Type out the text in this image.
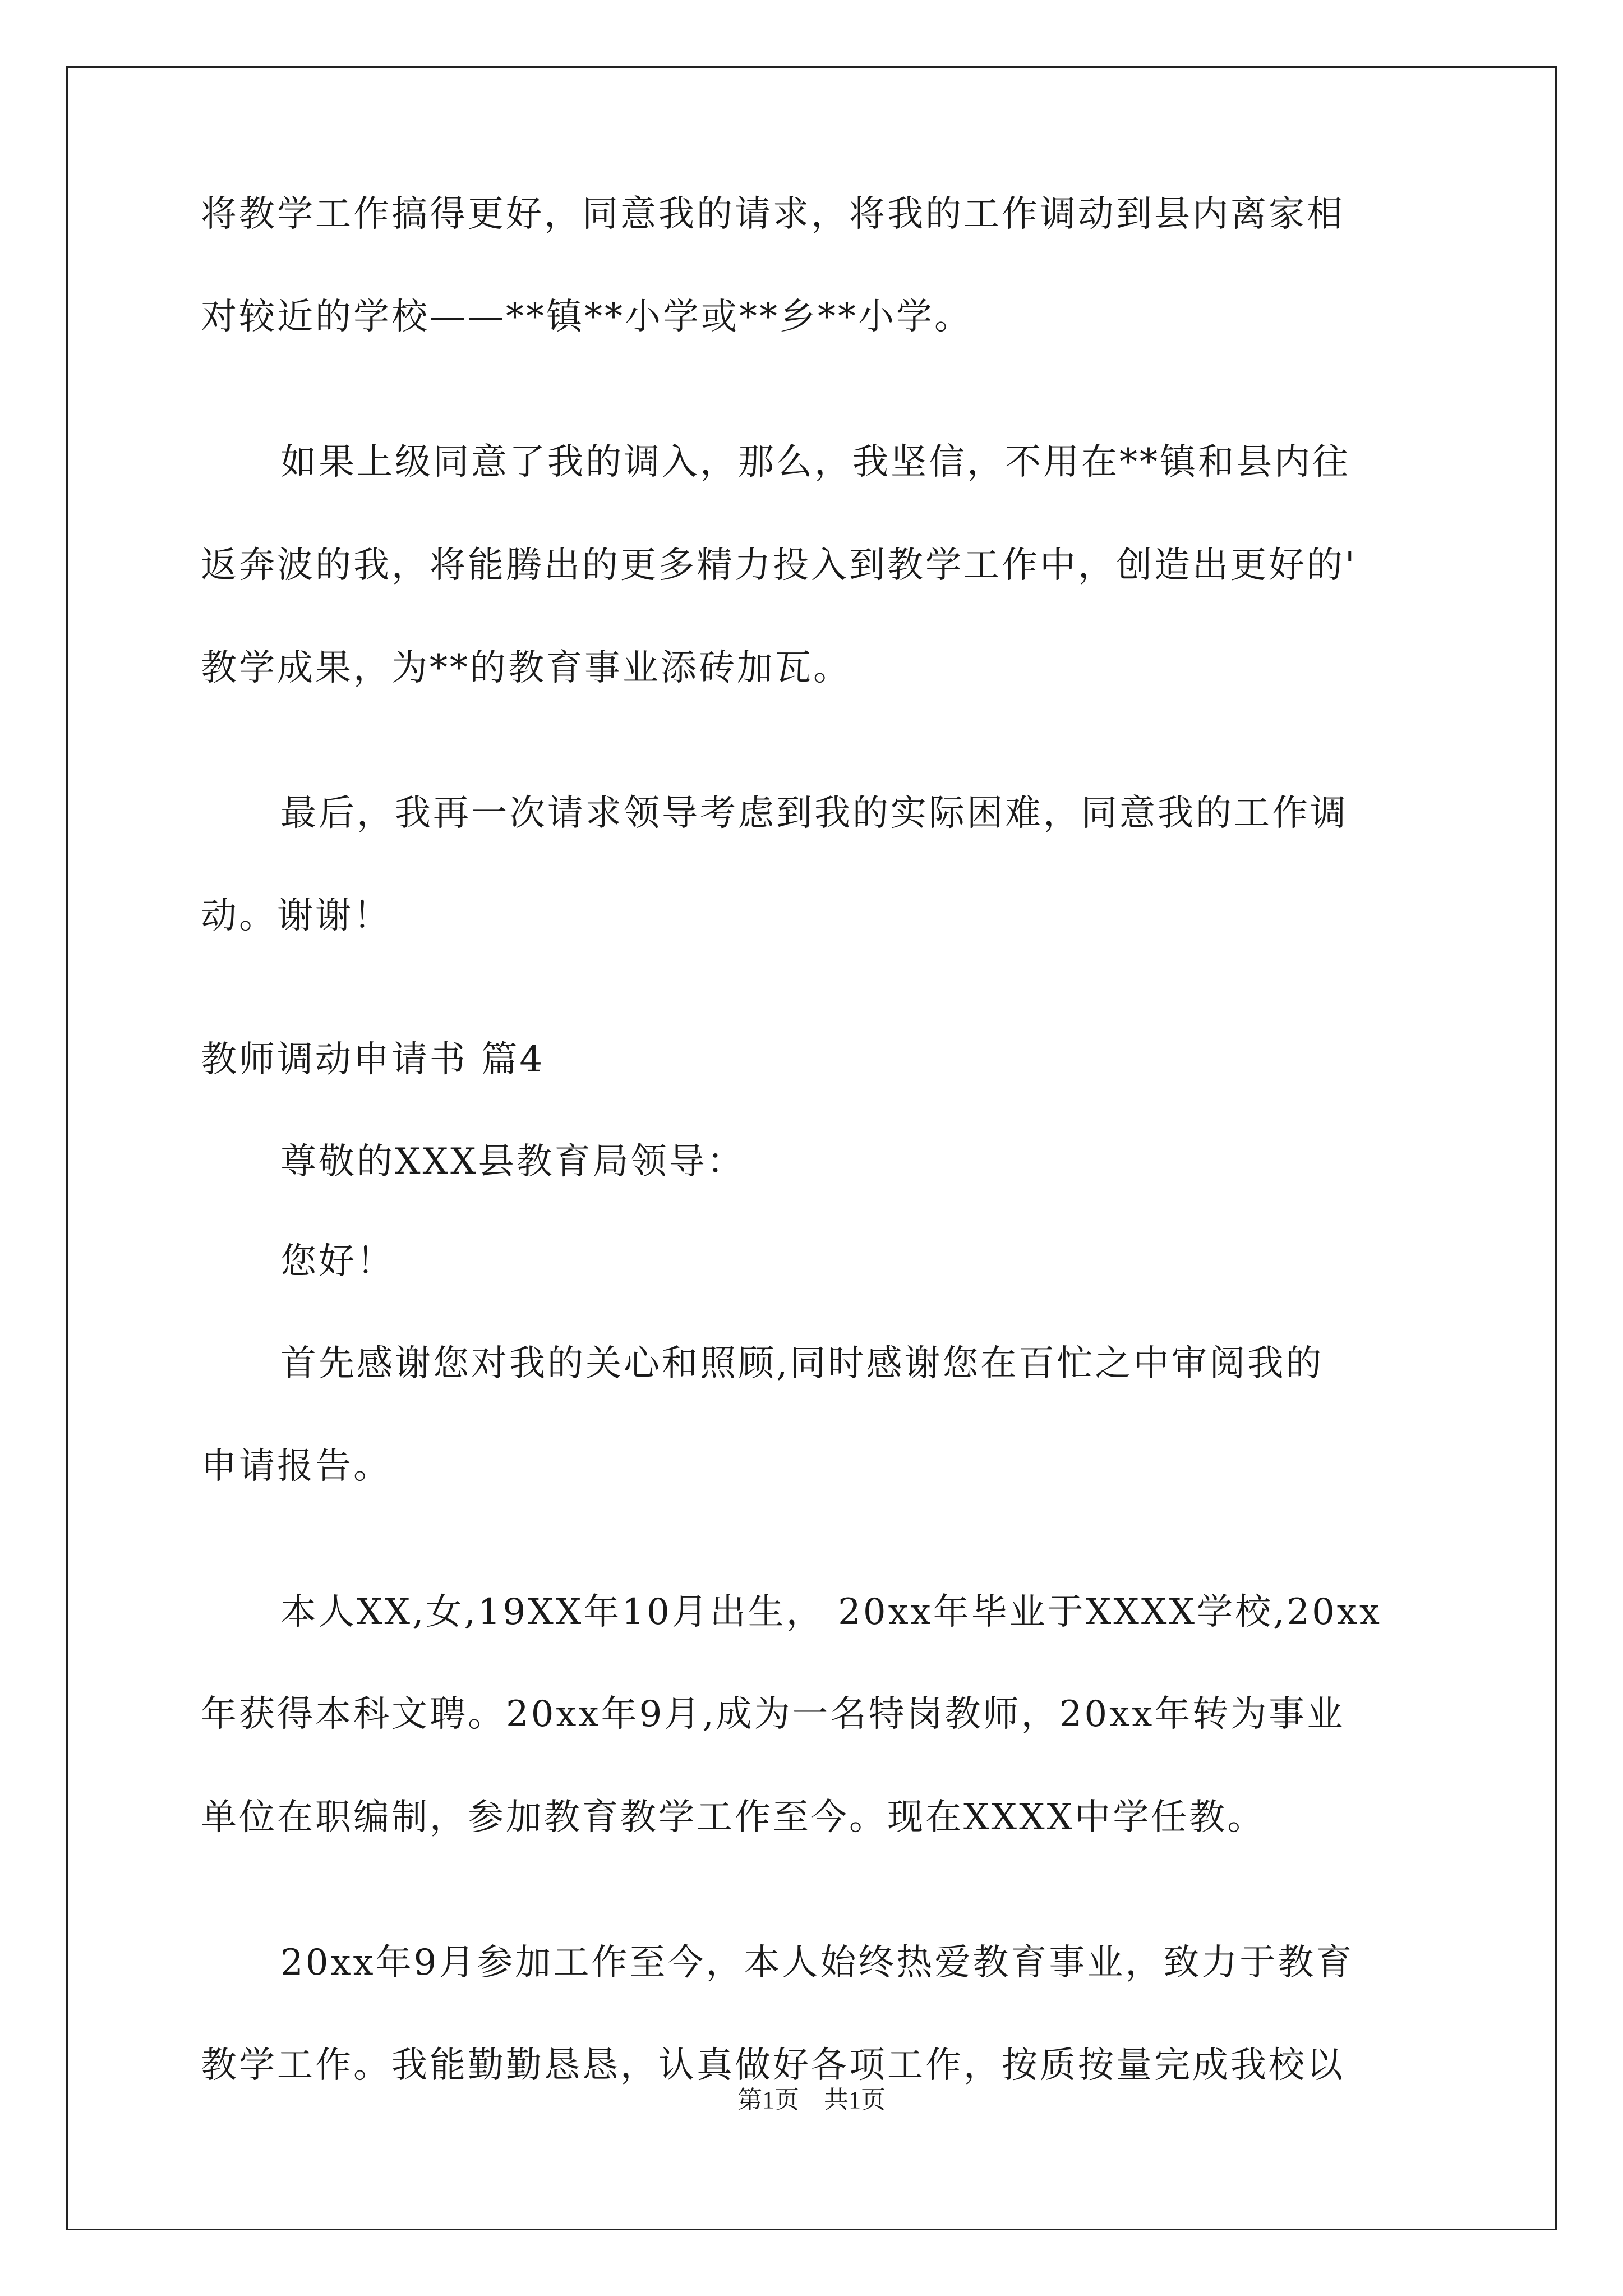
将教学工作搞得更好，同意我的请求，将我的工作调动到县内离家相
对较近的学校——**镇**小学或**乡**小学。
如果上级同意了我的调入，那么，我坚信，不用在**镇和县内往
返奔波的我，将能腾出的更多精力投入到教学工作中，创造出更好的'
教学成果，为**的教育事业添砖加瓦。
最后，我再一次请求领导考虑到我的实际困难，同意我的工作调
动。谢谢！
教师调动申请书 篇4
尊敬的XXX县教育局领导：
您好！
首先感谢您对我的关心和照顾,同时感谢您在百忙之中审阅我的
申请报告。
本人XX,女,19XX年10月出生， 20xx年毕业于XXXX学校,20xx
年获得本科文聘。20xx年9月,成为一名特岗教师，20xx年转为事业
单位在职编制，参加教育教学工作至今。现在XXXX中学任教。
20xx年9月参加工作至今，本人始终热爱教育事业，致力于教育
教学工作。我能勤勤恳恳，认真做好各项工作，按质按量完成我校以
第1页 共1页
